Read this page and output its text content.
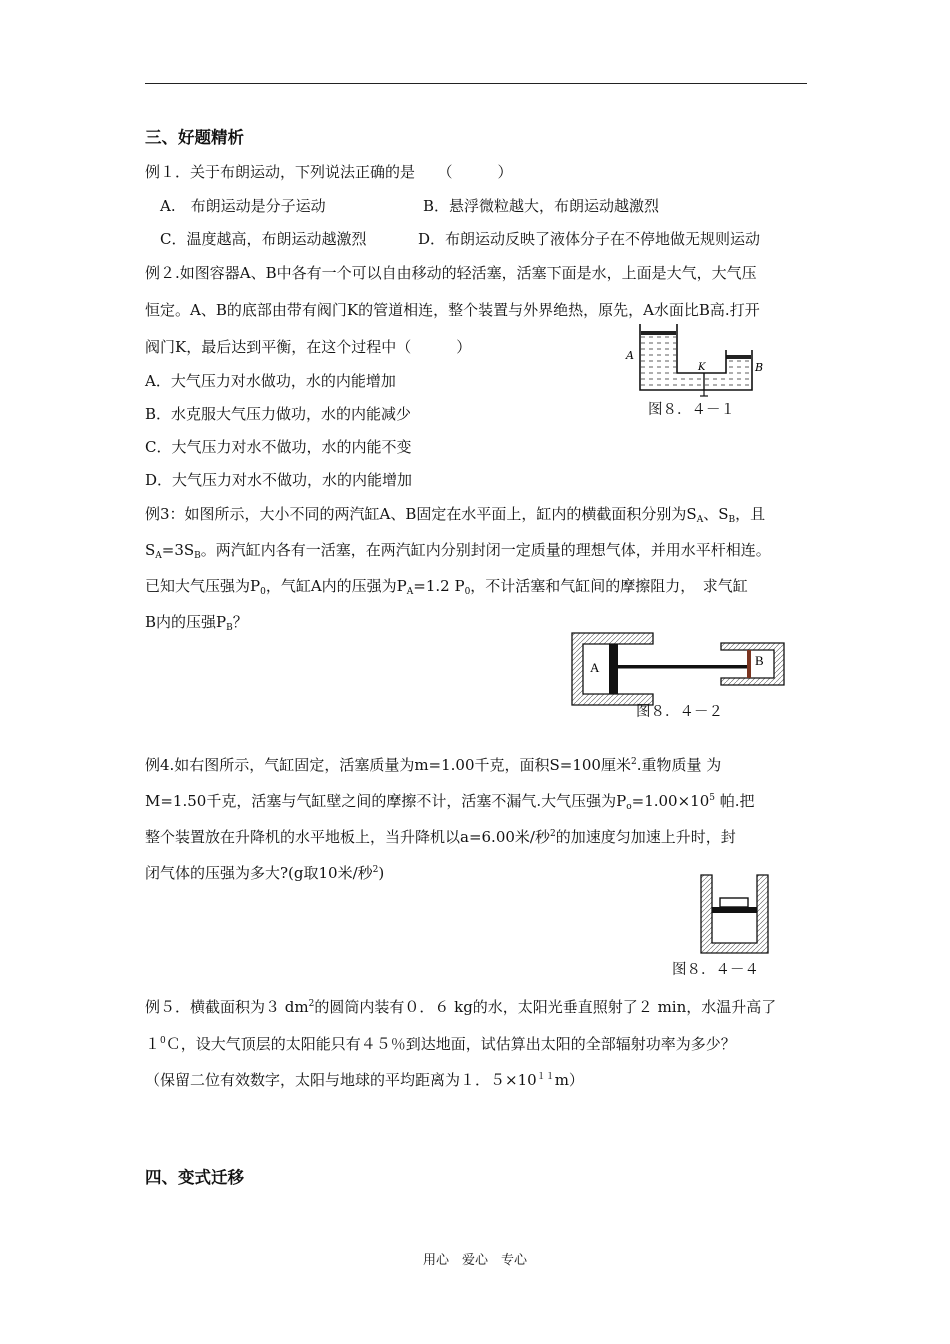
三、好题精析
例１．关于布朗运动，下列说法正确的是　　（　　　）
A.　布朗运动是分子运动	B．悬浮微粒越大，布朗运动越激烈
C．温度越高，布朗运动越激烈	D．布朗运动反映了液体分子在不停地做无规则运动
例２.如图容器A、B中各有一个可以自由移动的轻活塞，活塞下面是水，上面是大气，大气压
恒定。A、B的底部由带有阀门K的管道相连，整个装置与外界绝热，原先，A水面比B高.打开
阀门K，最后达到平衡，在这个过程中（　　　）
A．大气压力对水做功，水的内能增加
B．水克服大气压力做功，水的内能减少
C．大气压力对水不做功，水的内能不变
D．大气压力对水不做功，水的内能增加
A
K	B
图８．４－１
例3：如图所示，大小不同的两汽缸A、B固定在水平面上，缸内的横截面积分别为$S_A$、$S_B$，且
$S_A=3S_B$。两汽缸内各有一活塞，在两汽缸内分别封闭一定质量的理想气体，并用水平杆相连。
已知大气压强为$P_0$，气缸A内的压强为$P_A=1.2$ $P_0$，不计活塞和气缸间的摩擦阻力，　求气缸
B内的压强$P_B$？
A	B
图８．４－２
例4.如右图所示，气缸固定，活塞质量为m=1.00千克，面积S=100厘米$^2$.重物质量 为
M=1.50千克，活塞与气缸壁之间的摩擦不计，活塞不漏气.大气压强为$P_o=1.00\times 10^5$ 帕.把
整个装置放在升降机的水平地板上，当升降机以a=6.00米/秒$^2$的加速度匀加速上升时，封
闭气体的压强为多大?(g取10米/秒$^2$)
图８．４－４
例５．横截面积为３ $dm^2$的圆筒内装有０．６ kg的水，太阳光垂直照射了２ min，水温升高了
$1^0C$，设大气顶层的太阳能只有４５％到达地面，试估算出太阳的全部辐射功率为多少？
（保留二位有效数字，太阳与地球的平均距离为１．$5\times 10^{11}m$）
四、变式迁移
用心　爱心　专心
